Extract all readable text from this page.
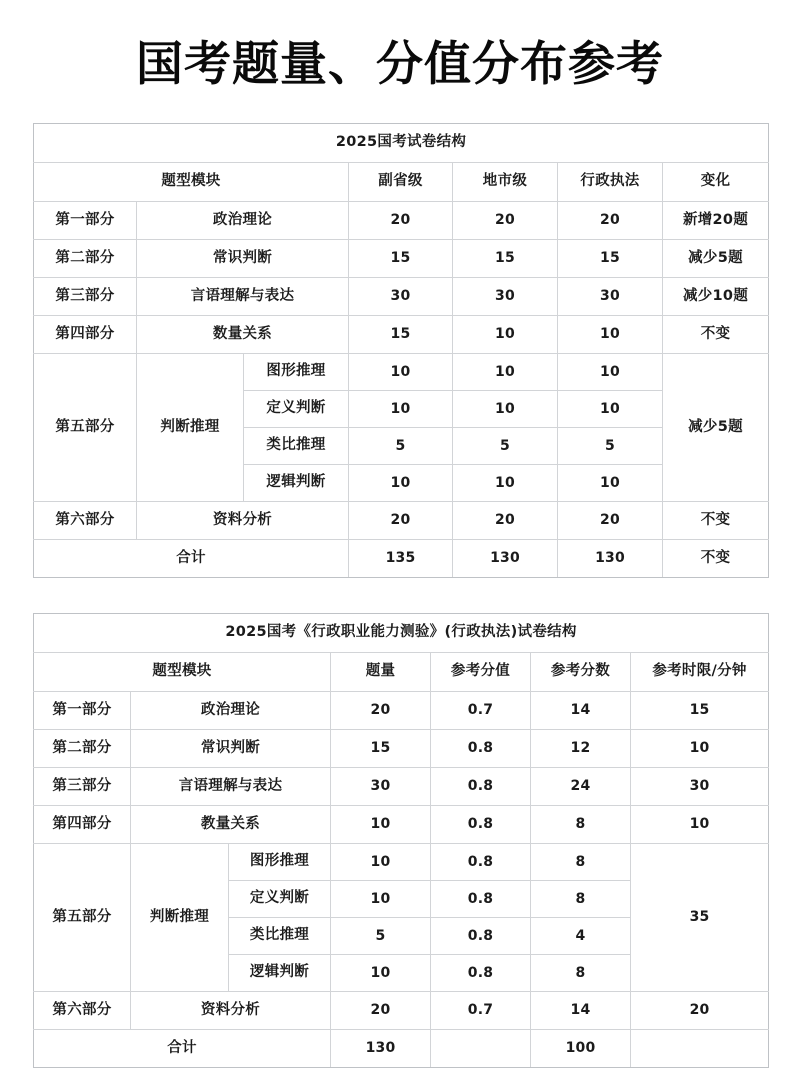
国考题量、分值分布参考
2025国考试卷结构						
题型模块			副省级	地市级	行政执法	变化
第一部分	政治理论		20	20	20	新增20题
第二部分	常识判断		15	15	15	减少5题
第三部分	言语理解与表达		30	30	30	减少10题
第四部分	数量关系		15	10	10	不变
第五部分	判断推理	图形推理	10	10	10	减少5题
		定义判断	10	10	10	
		类比推理	5	5	5	
		逻辑判断	10	10	10	
第六部分	资料分析		20	20	20	不变
合计			135	130	130	不变
2025国考《行政职业能力测验》(行政执法)试卷结构						
题型模块			题量	参考分值	参考分数	参考时限/分钟
第一部分	政治理论		20	0.7	14	15
第二部分	常识判断		15	0.8	12	10
第三部分	言语理解与表达		30	0.8	24	30
第四部分	教量关系		10	0.8	8	10
第五部分	判断推理	图形推理	10	0.8	8	35
		定义判断	10	0.8	8	
		类比推理	5	0.8	4	
		逻辑判断	10	0.8	8	
第六部分	资料分析		20	0.7	14	20
合计			130		100	
